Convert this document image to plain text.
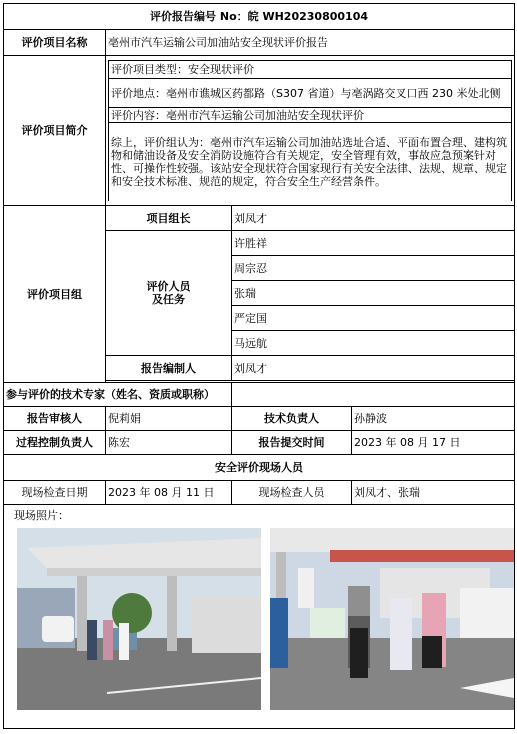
评价报告编号 No：皖 WH20230800104
评价项目名称	亳州市汽车运输公司加油站安全现状评价报告
评价项目简介	
评价项目类型：安全现状评价
评价地点：亳州市谯城区药都路（S307 省道）与亳涡路交叉口西 230 米处北侧
评价内容：亳州市汽车运输公司加油站安全现状评价
综上，评价组认为：亳州市汽车运输公司加油站选址合适、平面布置合理、建构筑物和储油设备及安全消防设施符合有关规定，安全管理有效，事故应急预案针对性、可操作性较强。该站安全现状符合国家现行有关安全法律、法规、规章、规定和安全技术标准、规范的规定，符合安全生产经营条件。

评价项目组	项目组长	刘凤才
评价人员
及任务	许胜祥
周宗忍
张瑞
严定国
马远航
报告编制人	刘凤才

参与评价的技术专家（姓名、资质或职称）	
报告审核人	倪莉娟	技术负责人	孙静波
过程控制负责人	陈宏	报告提交时间	2023 年 08 月 17 日
安全评价现场人员
现场检查日期	2023 年 08 月 11 日	现场检查人员	刘凤才、张瑞

现场照片：
